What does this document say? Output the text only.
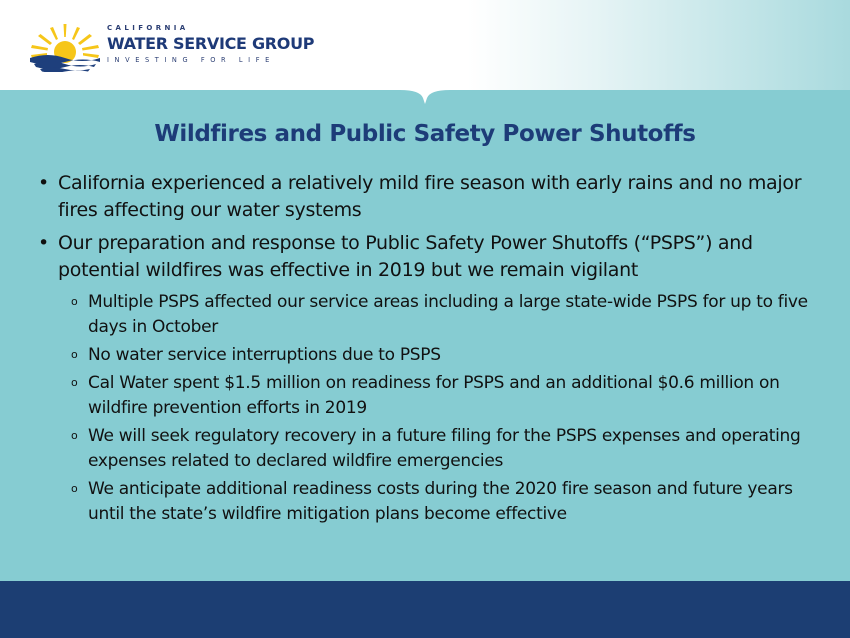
CALIFORNIA
WATER SERVICE GROUP
INVESTING FOR LIFE
Wildfires and Public Safety Power Shutoffs
• California experienced a relatively mild fire season with early rains and no major fires affecting our water systems
• Our preparation and response to Public Safety Power Shutoffs (“PSPS”) and potential wildfires was effective in 2019 but we remain vigilant
o Multiple PSPS affected our service areas including a large state-wide PSPS for up to five days in October
o No water service interruptions due to PSPS
o Cal Water spent $1.5 million on readiness for PSPS and an additional $0.6 million on wildfire prevention efforts in 2019
o We will seek regulatory recovery in a future filing for the PSPS expenses and operating expenses related to declared wildfire emergencies
o We anticipate additional readiness costs during the 2020 fire season and future years until the state’s wildfire mitigation plans become effective
